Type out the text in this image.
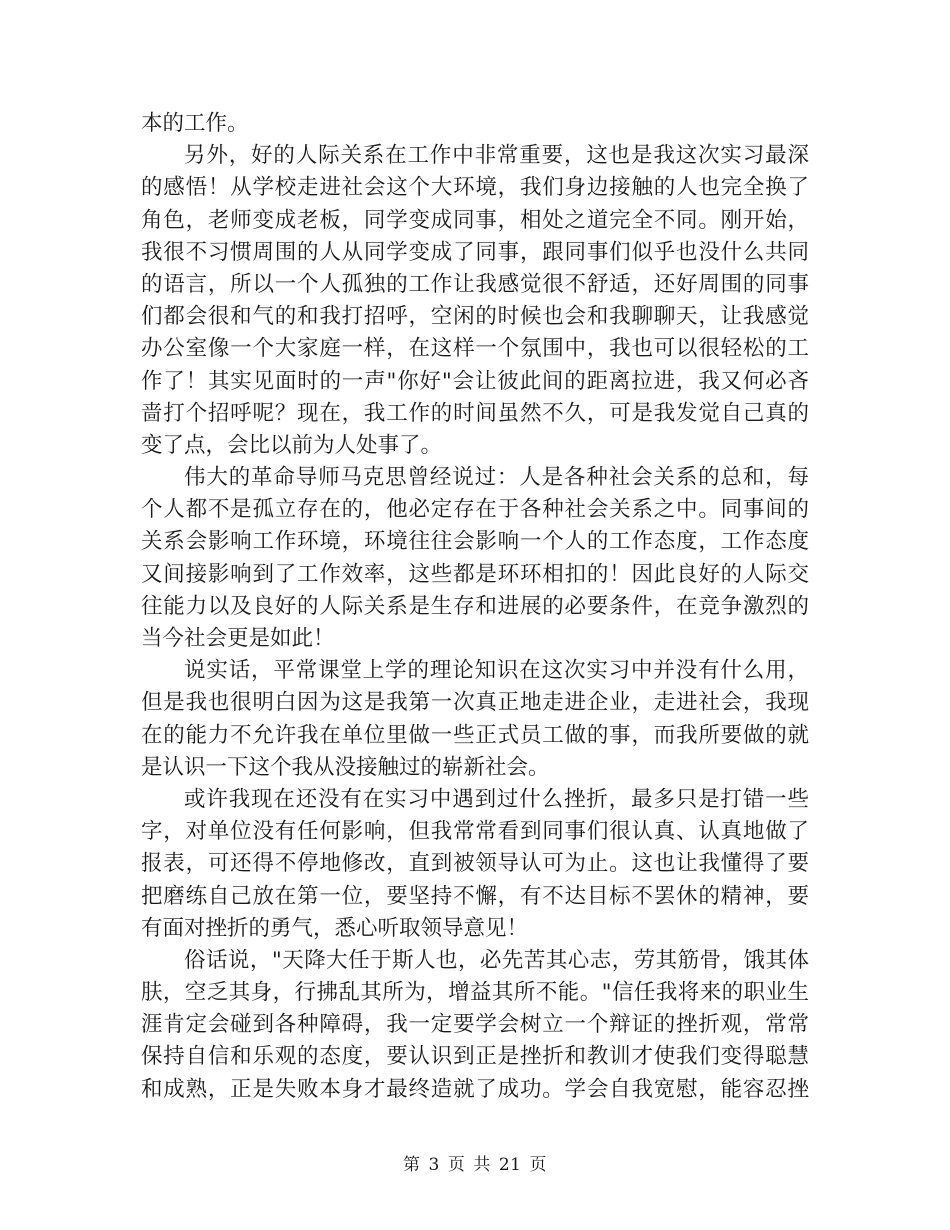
本的工作。
另外，好的人际关系在工作中非常重要，这也是我这次实习最深
的感悟！从学校走进社会这个大环境，我们身边接触的人也完全换了
角色，老师变成老板，同学变成同事，相处之道完全不同。刚开始，
我很不习惯周围的人从同学变成了同事，跟同事们似乎也没什么共同
的语言，所以一个人孤独的工作让我感觉很不舒适，还好周围的同事
们都会很和气的和我打招呼，空闲的时候也会和我聊聊天，让我感觉
办公室像一个大家庭一样，在这样一个氛围中，我也可以很轻松的工
作了！其实见面时的一声"你好"会让彼此间的距离拉进，我又何必吝
啬打个招呼呢？现在，我工作的时间虽然不久，可是我发觉自己真的
变了点，会比以前为人处事了。
伟大的革命导师马克思曾经说过：人是各种社会关系的总和，每
个人都不是孤立存在的，他必定存在于各种社会关系之中。同事间的
关系会影响工作环境，环境往往会影响一个人的工作态度，工作态度
又间接影响到了工作效率，这些都是环环相扣的！因此良好的人际交
往能力以及良好的人际关系是生存和进展的必要条件，在竞争激烈的
当今社会更是如此！
说实话，平常课堂上学的理论知识在这次实习中并没有什么用，
但是我也很明白因为这是我第一次真正地走进企业，走进社会，我现
在的能力不允许我在单位里做一些正式员工做的事，而我所要做的就
是认识一下这个我从没接触过的崭新社会。
或许我现在还没有在实习中遇到过什么挫折，最多只是打错一些
字，对单位没有任何影响，但我常常看到同事们很认真、认真地做了
报表，可还得不停地修改，直到被领导认可为止。这也让我懂得了要
把磨练自己放在第一位，要坚持不懈，有不达目标不罢休的精神，要
有面对挫折的勇气，悉心听取领导意见！
俗话说，"天降大任于斯人也，必先苦其心志，劳其筋骨，饿其体
肤，空乏其身，行拂乱其所为，增益其所不能。"信任我将来的职业生
涯肯定会碰到各种障碍，我一定要学会树立一个辩证的挫折观，常常
保持自信和乐观的态度，要认识到正是挫折和教训才使我们变得聪慧
和成熟，正是失败本身才最终造就了成功。学会自我宽慰，能容忍挫
第 3 页 共 21 页
